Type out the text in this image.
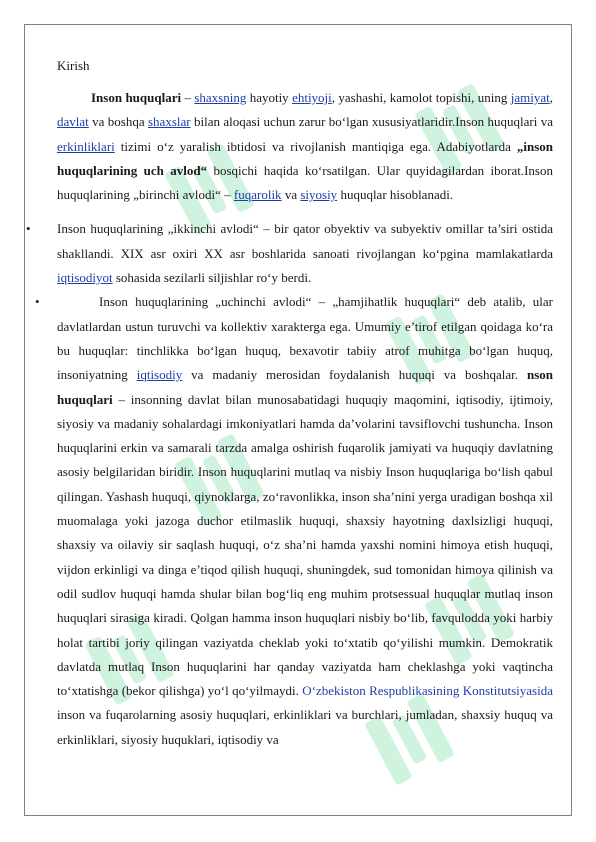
Kirish

Inson huquqlari – shaxsning hayotiy ehtiyoji, yashashi, kamolot topishi, uning jamiyat, davlat va boshqa shaxslar bilan aloqasi uchun zarur bo‘lgan xususiyatlaridir.Inson huquqlari va erkinliklari tizimi o‘z yaralish ibtidosi va rivojlanish mantiqiga ega. Adabiyotlarda „inson huquqlarining uch avlod“ bosqichi haqida ko‘rsatilgan. Ular quyidagilardan iborat.Inson huquqlarining „birinchi avlodi“ – fuqarolik va siyosiy huquqlar hisoblanadi.

• Inson huquqlarining „ikkinchi avlodi“ – bir qator obyektiv va subyektiv omillar ta’siri ostida shakllandi. XIX asr oxiri XX asr boshlarida sanoati rivojlangan ko‘pgina mamlakatlarda iqtisodiyot sohasida sezilarli siljishlar ro‘y berdi.

•	Inson huquqlarining „uchinchi avlodi“ – „hamjihatlik huquqlari“ deb atalib, ular davlatlardan ustun turuvchi va kollektiv xarakterga ega. Umumiy e’tirof etilgan qoidaga ko‘ra bu huquqlar: tinchlikka bo‘lgan huquq, bexavotir tabiiy atrof muhitga bo‘lgan huquq, insoniyatning iqtisodiy va madaniy merosidan foydalanish huquqi va boshqalar. nson huquqlari – insonning davlat bilan munosabatidagi huquqiy maqomini, iqtisodiy, ijtimoiy, siyosiy va madaniy sohalardagi imkoniyatlari hamda da’volarini tavsiflovchi tushuncha. Inson huquqlarini erkin va samarali tarzda amalga oshirish fuqarolik jamiyati va huquqiy davlatning asosiy belgilaridan biridir. Inson huquqlarini mutlaq va nisbiy Inson huquqlariga bo‘lish qabul qilingan. Yashash huquqi, qiynoklarga, zo‘ravonlikka, inson sha’nini yerga uradigan boshqa xil muomalaga yoki jazoga duchor etilmaslik huquqi, shaxsiy hayotning daxlsizligi huquqi, shaxsiy va oilaviy sir saqlash huquqi, o‘z sha’ni hamda yaxshi nomini himoya etish huquqi, vijdon erkinligi va dinga e’tiqod qilish huquqi, shuningdek, sud tomonidan himoya qilinish va odil sudlov huquqi hamda shular bilan bog‘liq eng muhim protsessual huquqlar mutlaq inson huquqlari sirasiga kiradi. Qolgan hamma inson huquqlari nisbiy bo‘lib, favqulodda yoki harbiy holat tartibi joriy qilingan vaziyatda cheklab yoki to‘xtatib qo‘yilishi mumkin. Demokratik davlatda mutlaq Inson huquqlarini har qanday vaziyatda ham cheklashga yoki vaqtincha to‘xtatishga (bekor qilishga) yo‘l qo‘yilmaydi. O‘zbekiston Respublikasining Konstitutsiyasida inson va fuqarolarning asosiy huquqlari, erkinliklari va burchlari, jumladan, shaxsiy huquq va erkinliklari, siyosiy huquklari, iqtisodiy va
